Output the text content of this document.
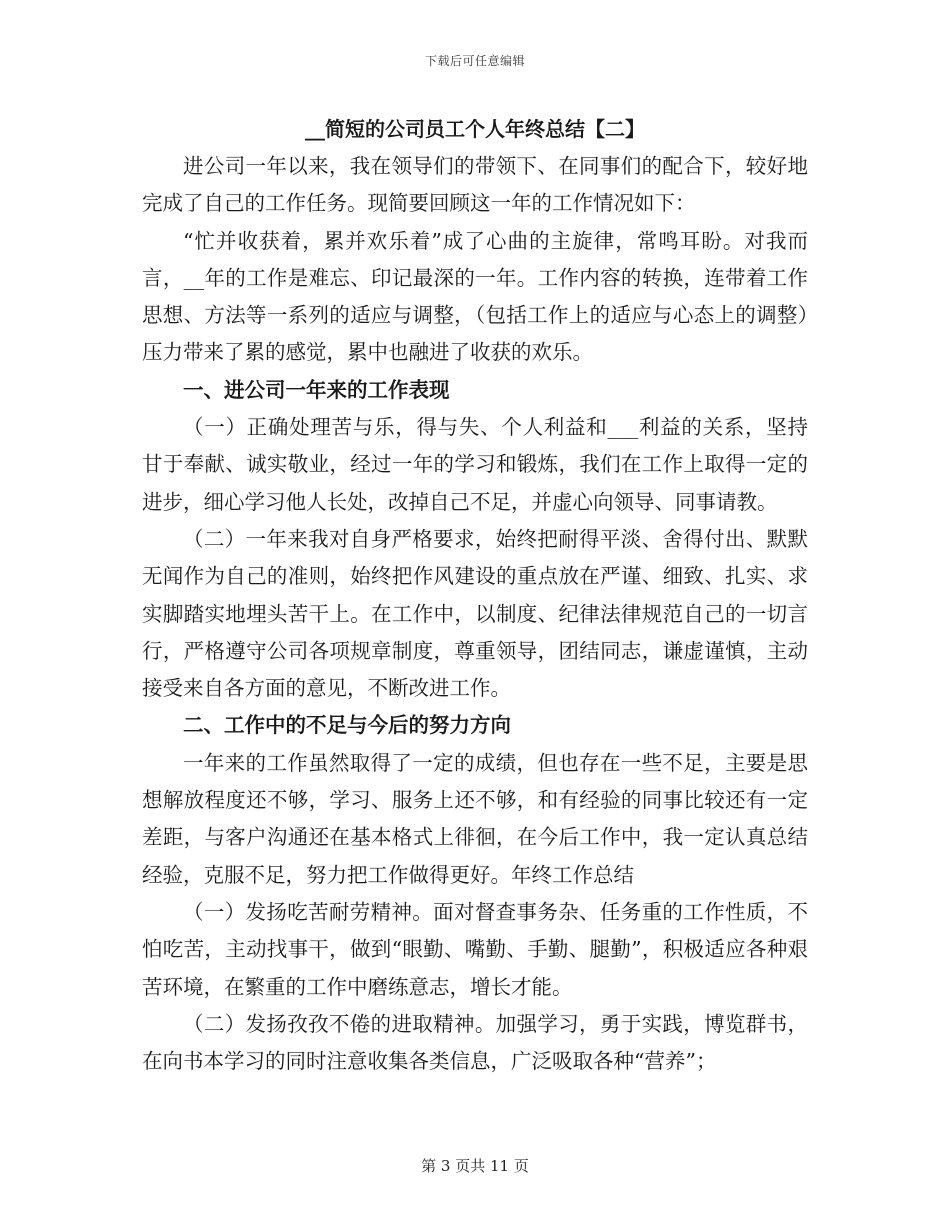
下载后可任意编辑
__简短的公司员工个人年终总结【二】

进公司一年以来，我在领导们的带领下、在同事们的配合下，较好地完成了自己的工作任务。现简要回顾这一年的工作情况如下：

“忙并收获着，累并欢乐着”成了心曲的主旋律，常鸣耳盼。对我而言，__年的工作是难忘、印记最深的一年。工作内容的转换，连带着工作思想、方法等一系列的适应与调整，（包括工作上的适应与心态上的调整）压力带来了累的感觉，累中也融进了收获的欢乐。

一、进公司一年来的工作表现

（一）正确处理苦与乐，得与失、个人利益和___利益的关系，坚持甘于奉献、诚实敬业，经过一年的学习和锻炼，我们在工作上取得一定的进步，细心学习他人长处，改掉自己不足，并虚心向领导、同事请教。

（二）一年来我对自身严格要求，始终把耐得平淡、舍得付出、默默无闻作为自己的准则，始终把作风建设的重点放在严谨、细致、扎实、求实脚踏实地埋头苦干上。在工作中，以制度、纪律法律规范自己的一切言行，严格遵守公司各项规章制度，尊重领导，团结同志，谦虚谨慎，主动接受来自各方面的意见，不断改进工作。

二、工作中的不足与今后的努力方向

一年来的工作虽然取得了一定的成绩，但也存在一些不足，主要是思想解放程度还不够，学习、服务上还不够，和有经验的同事比较还有一定差距，与客户沟通还在基本格式上徘徊，在今后工作中，我一定认真总结经验，克服不足，努力把工作做得更好。年终工作总结

（一）发扬吃苦耐劳精神。面对督查事务杂、任务重的工作性质，不怕吃苦，主动找事干，做到“眼勤、嘴勤、手勤、腿勤”，积极适应各种艰苦环境，在繁重的工作中磨练意志，增长才能。

（二）发扬孜孜不倦的进取精神。加强学习，勇于实践，博览群书，在向书本学习的同时注意收集各类信息，广泛吸取各种“营养”；

第 3 页共 11 页
